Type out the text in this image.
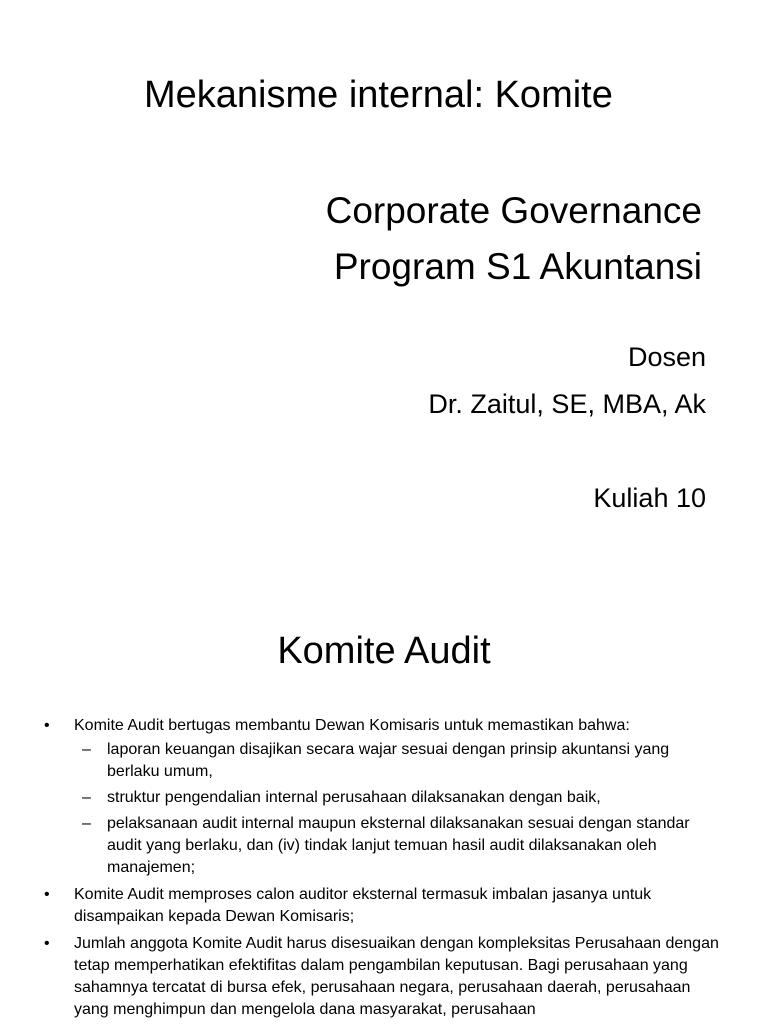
Mekanisme internal: Komite
Corporate Governance
Program S1 Akuntansi
Dosen
Dr. Zaitul, SE, MBA, Ak
Kuliah 10
Komite Audit
• Komite Audit bertugas membantu Dewan Komisaris untuk memastikan bahwa:
– laporan keuangan disajikan secara wajar sesuai dengan prinsip akuntansi yang berlaku umum,
– struktur pengendalian internal perusahaan dilaksanakan dengan baik,
– pelaksanaan audit internal maupun eksternal dilaksanakan sesuai dengan standar audit yang berlaku, dan (iv) tindak lanjut temuan hasil audit dilaksanakan oleh manajemen;
• Komite Audit memproses calon auditor eksternal termasuk imbalan jasanya untuk disampaikan kepada Dewan Komisaris;
• Jumlah anggota Komite Audit harus disesuaikan dengan kompleksitas Perusahaan dengan tetap memperhatikan efektifitas dalam pengambilan keputusan. Bagi perusahaan yang sahamnya tercatat di bursa efek, perusahaan negara, perusahaan daerah, perusahaan yang menghimpun dan mengelola dana masyarakat, perusahaan
